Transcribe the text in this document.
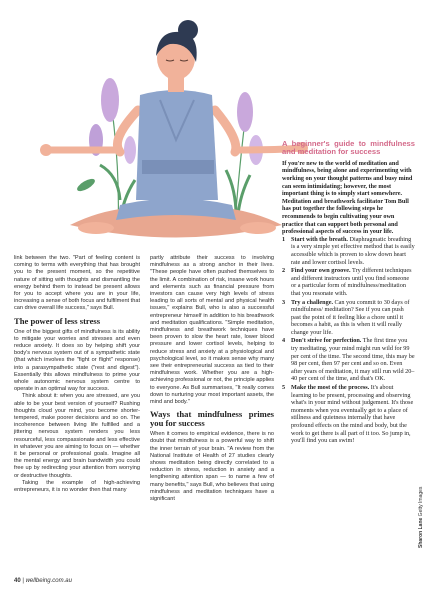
link between the two. "Part of feeling content is coming to terms with everything that has brought you to the present moment, so the repetitive nature of sitting with thoughts and dismantling the energy behind them to instead be present allows for you to accept where you are in your life, increasing a sense of both focus and fulfilment that can drive overall life success," says Bull.

The power of less stress

One of the biggest gifts of mindfulness is its ability to mitigate your worries and stresses and even reduce anxiety. It does so by helping shift your body's nervous system out of a sympathetic state (that which involves the "fight or flight" response) into a parasympathetic state ("rest and digest"). Essentially this allows mindfulness to prime your whole autonomic nervous system centre to operate in an optimal way for success.

Think about it: when you are stressed, are you able to be your best version of yourself? Rushing thoughts cloud your mind, you become shorter-tempered, make poorer decisions and so on. The incoherence between living life fulfilled and a jittering nervous system renders you less resourceful, less compassionate and less effective in whatever you are aiming to focus on — whether it be personal or professional goals. Imagine all the mental energy and brain bandwidth you could free up by redirecting your attention from worrying or destructive thoughts.

Taking the example of high-achieving entrepreneurs, it is no wonder then that many

partly attribute their success to involving mindfulness as a strong anchor in their lives. "These people have often pushed themselves to the limit. A combination of risk, insane work hours and elements such as financial pressure from investors can cause very high levels of stress leading to all sorts of mental and physical health issues," explains Bull, who is also a successful entrepreneur himself in addition to his breathwork and meditation qualifications. "Simple meditation, mindfulness and breathwork techniques have been proven to slow the heart rate, lower blood pressure and lower cortisol levels, helping to reduce stress and anxiety at a physiological and psychological level, so it makes sense why many see their entrepreneurial success as tied to their mindfulness work. Whether you are a high-achieving professional or not, the principle applies to everyone. As Bull summarises, "It really comes down to nurturing your most important assets, the mind and body."

Ways that mindfulness primes you for success

When it comes to empirical evidence, there is no doubt that mindfulness is a powerful way to shift the inner terrain of your brain. "A review from the National Institute of Health of 27 studies clearly shows meditation being directly correlated to a reduction in stress, reduction in anxiety and a lengthening attention span — to name a few of many benefits," says Bull, who believes that using mindfulness and meditation techniques have a significant

A beginner's guide to mindfulness and meditation for success

If you're new to the world of meditation and mindfulness, being alone and experimenting with working on your thought patterns and busy mind can seem intimidating; however, the most important thing is to simply start somewhere. Meditation and breathwork facilitator Tom Bull has put together the following steps he recommends to begin cultivating your own practice that can support both personal and professional aspects of success in your life.

1 Start with the breath. Diaphragmatic breathing is a very simple yet effective method that is easily accessible which is proven to slow down heart rate and lower cortisol levels.
2 Find your own groove. Try different techniques and different instructors until you find someone or a particular form of mindfulness/meditation that you resonate with.
3 Try a challenge. Can you commit to 30 days of mindfulness/ meditation? See if you can push past the point of it feeling like a chore until it becomes a habit, as this is when it will really change your life.
4 Don't strive for perfection. The first time you try meditating, your mind might run wild for 99 per cent of the time. The second time, this may be 98 per cent, then 97 per cent and so on. Even after years of meditation, it may still run wild 20–40 per cent of the time, and that's OK.
5 Make the most of the process. It's about learning to be present, processing and observing what's in your mind without judgement. It's those moments when you eventually get to a place of stillness and quietness internally that have profound effects on the mind and body, but the work to get there is all part of it too. So jump in, you'll find you can swim!
40 | wellbeing.com.au
Sharon Lane Getty Images
